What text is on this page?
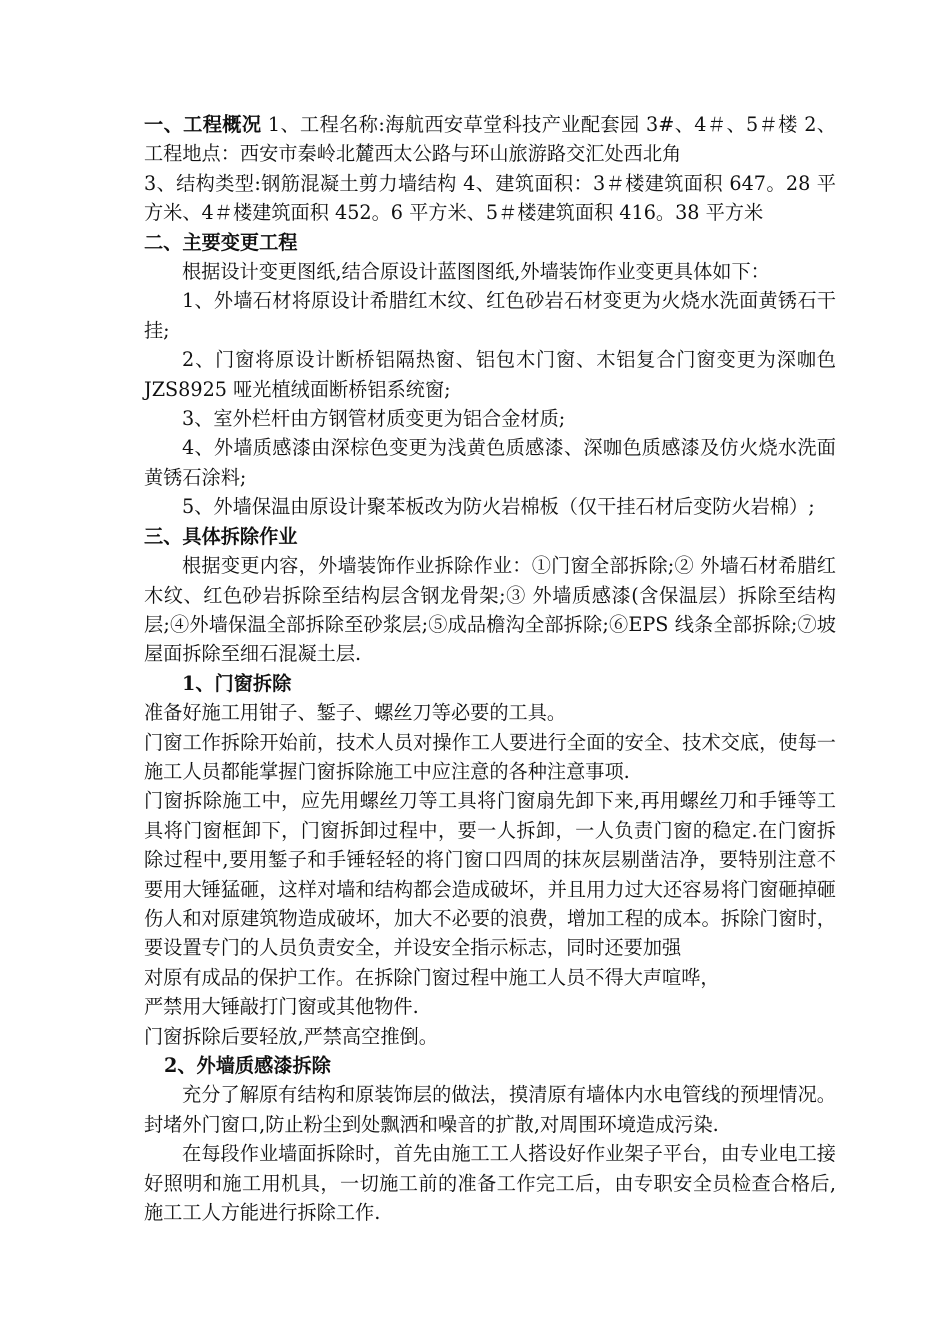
一、工程概况 1、工程名称:海航西安草堂科技产业配套园 3#、4＃、5＃楼 2、工程地点：西安市秦岭北麓西太公路与环山旅游路交汇处西北角

3、结构类型:钢筋混凝土剪力墙结构 4、建筑面积：3＃楼建筑面积 647。28 平方米、4＃楼建筑面积 452。6 平方米、5＃楼建筑面积 416。38 平方米

二、主要变更工程

根据设计变更图纸,结合原设计蓝图图纸,外墙装饰作业变更具体如下：

1、外墙石材将原设计希腊红木纹、红色砂岩石材变更为火烧水洗面黄锈石干挂;

2、门窗将原设计断桥铝隔热窗、铝包木门窗、木铝复合门窗变更为深咖色 JZS8925 哑光植绒面断桥铝系统窗;

3、室外栏杆由方钢管材质变更为铝合金材质;

4、外墙质感漆由深棕色变更为浅黄色质感漆、深咖色质感漆及仿火烧水洗面黄锈石涂料;

5、外墙保温由原设计聚苯板改为防火岩棉板（仅干挂石材后变防火岩棉）;

三、具体拆除作业

根据变更内容，外墙装饰作业拆除作业：①门窗全部拆除;② 外墙石材希腊红木纹、红色砂岩拆除至结构层含钢龙骨架;③ 外墙质感漆(含保温层）拆除至结构层;④外墙保温全部拆除至砂浆层;⑤成品檐沟全部拆除;⑥EPS 线条全部拆除;⑦坡屋面拆除至细石混凝土层.

1、门窗拆除

准备好施工用钳子、錾子、螺丝刀等必要的工具。

门窗工作拆除开始前，技术人员对操作工人要进行全面的安全、技术交底，使每一施工人员都能掌握门窗拆除施工中应注意的各种注意事项.

门窗拆除施工中，应先用螺丝刀等工具将门窗扇先卸下来,再用螺丝刀和手锤等工具将门窗框卸下，门窗拆卸过程中，要一人拆卸，一人负责门窗的稳定.在门窗拆除过程中,要用錾子和手锤轻轻的将门窗口四周的抹灰层剔凿洁净，要特别注意不要用大锤猛砸，这样对墙和结构都会造成破坏，并且用力过大还容易将门窗砸掉砸伤人和对原建筑物造成破坏，加大不必要的浪费，增加工程的成本。拆除门窗时，要设置专门的人员负责安全，并设安全指示标志，同时还要加强

对原有成品的保护工作。在拆除门窗过程中施工人员不得大声喧哗，

严禁用大锤敲打门窗或其他物件.

门窗拆除后要轻放,严禁高空推倒。

2、外墙质感漆拆除

充分了解原有结构和原装饰层的做法，摸清原有墙体内水电管线的预埋情况。封堵外门窗口,防止粉尘到处飘洒和噪音的扩散,对周围环境造成污染.

在每段作业墙面拆除时，首先由施工工人搭设好作业架子平台，由专业电工接好照明和施工用机具，一切施工前的准备工作完工后，由专职安全员检查合格后,施工工人方能进行拆除工作.
